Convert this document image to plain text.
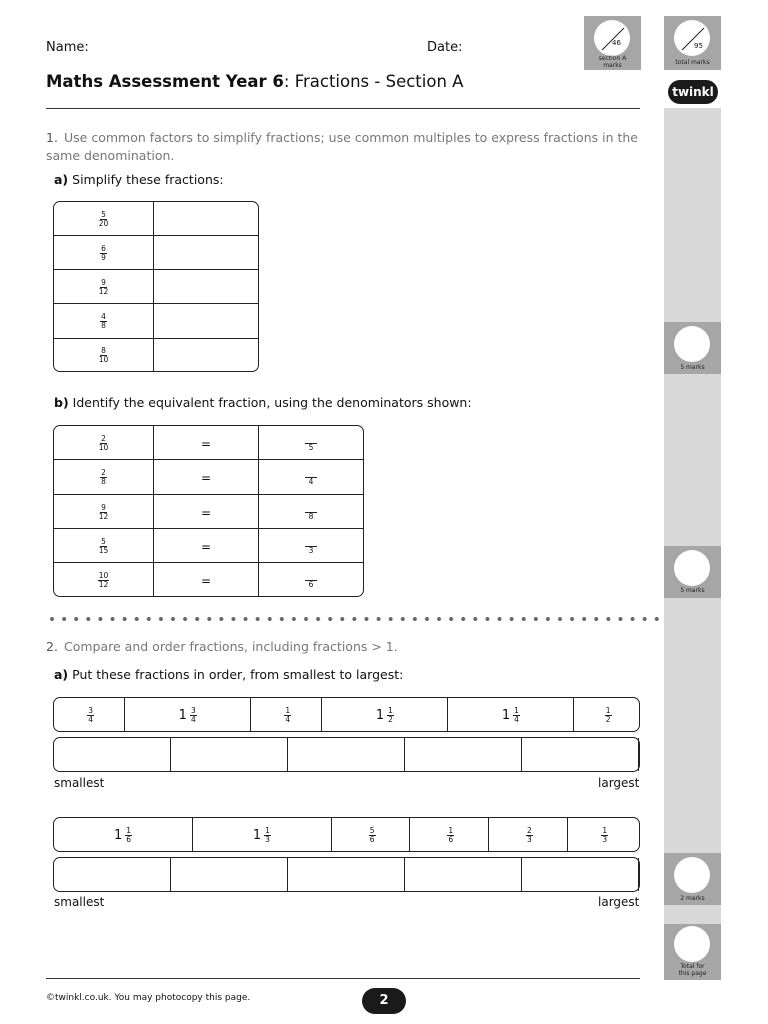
Name:	Date:
Maths Assessment Year 6: Fractions - Section A
46
section A marks
95
total marks
twinkl
5 marks
5 marks
2 marks
Total for this page
1. Use common factors to simplify fractions; use common multiples to express fractions in the same denomination.
a) Simplify these fractions:
$\frac{5}{20}$

$\frac{6}{9}$

$\frac{9}{12}$

$\frac{4}{8}$

$\frac{8}{10}$

b) Identify the equivalent fraction, using the denominators shown:
$\frac{2}{10}$	=	5

$\frac{2}{8}$	=	4

$\frac{9}{12}$	=	8

$\frac{5}{15}$	=	3

$\frac{10}{12}$	=	6
2. Compare and order fractions, including fractions > 1.
a) Put these fractions in order, from smallest to largest:
$\frac{3}{4}$	$1 \frac{3}{4}$	$\frac{1}{4}$	$1 \frac{1}{2}$	$1 \frac{1}{4}$	$\frac{1}{2}$

smallest	largest
$1 \frac{1}{6}$	$1 \frac{1}{3}$	$\frac{5}{6}$	$\frac{1}{6}$	$\frac{2}{3}$	$\frac{1}{3}$

smallest	largest
©twinkl.co.uk. You may photocopy this page.	2
